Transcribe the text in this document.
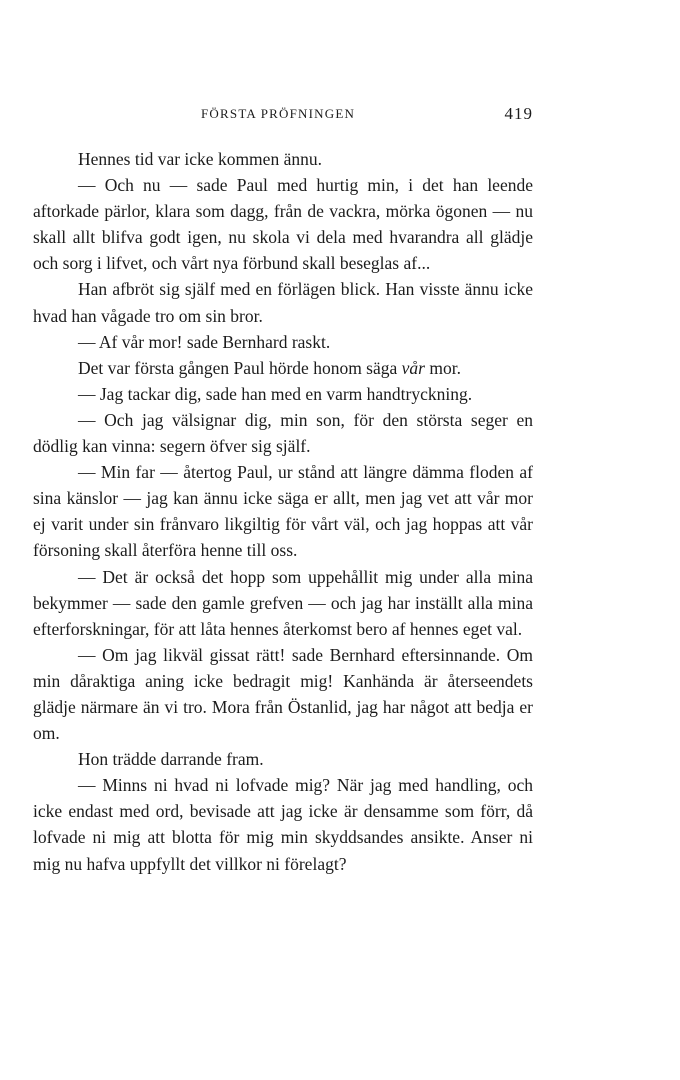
FÖRSTA PRÖFNINGEN	419

Hennes tid var icke kommen ännu.

— Och nu — sade Paul med hurtig min, i det han leende aftorkade pärlor, klara som dagg, från de vackra, mörka ögonen — nu skall allt blifva godt igen, nu skola vi dela med hvarandra all glädje och sorg i lifvet, och vårt nya förbund skall beseglas af...

Han afbröt sig själf med en förlägen blick. Han visste ännu icke hvad han vågade tro om sin bror.

— Af vår mor! sade Bernhard raskt.

Det var första gången Paul hörde honom säga vår mor.

— Jag tackar dig, sade han med en varm handtryckning.

— Och jag välsignar dig, min son, för den största seger en dödlig kan vinna: segern öfver sig själf.

— Min far — återtog Paul, ur stånd att längre dämma floden af sina känslor — jag kan ännu icke säga er allt, men jag vet att vår mor ej varit under sin frånvaro likgiltig för vårt väl, och jag hoppas att vår försoning skall återföra henne till oss.

— Det är också det hopp som uppehållit mig under alla mina bekymmer — sade den gamle grefven — och jag har inställt alla mina efterforskningar, för att låta hennes återkomst bero af hennes eget val.

— Om jag likväl gissat rätt! sade Bernhard eftersinnande. Om min dåraktiga aning icke bedragit mig! Kanhända är återseendets glädje närmare än vi tro. Mora från Östanlid, jag har något att bedja er om.

Hon trädde darrande fram.

— Minns ni hvad ni lofvade mig? När jag med handling, och icke endast med ord, bevisade att jag icke är densamme som förr, då lofvade ni mig att blotta för mig min skyddsandes ansikte. Anser ni mig nu hafva uppfyllt det villkor ni förelagt?
